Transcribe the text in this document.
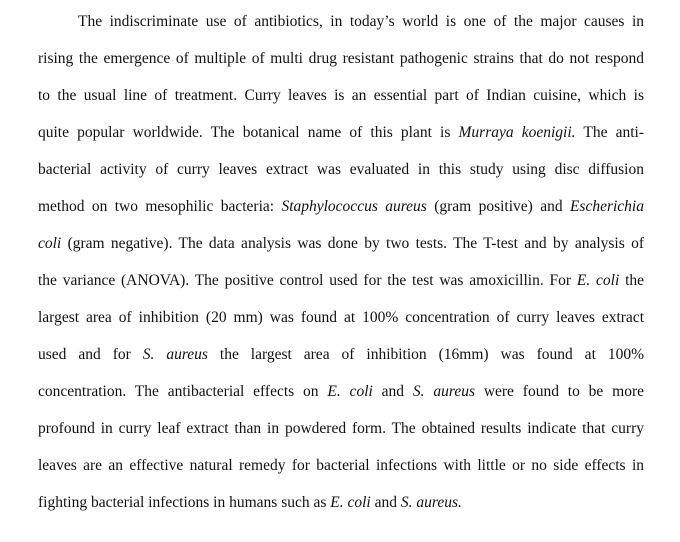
The indiscriminate use of antibiotics, in today’s world is one of the major causes in
rising the emergence of multiple of multi drug resistant pathogenic strains that do not respond
to the usual line of treatment. Curry leaves is an essential part of Indian cuisine, which is
quite popular worldwide. The botanical name of this plant is Murraya koenigii. The anti-
bacterial activity of curry leaves extract was evaluated in this study using disc diffusion
method on two mesophilic bacteria: Staphylococcus aureus (gram positive) and Escherichia
coli (gram negative). The data analysis was done by two tests. The T-test and by analysis of
the variance (ANOVA). The positive control used for the test was amoxicillin. For E. coli the
largest area of inhibition (20 mm) was found at 100% concentration of curry leaves extract
used and for S. aureus the largest area of inhibition (16mm) was found at 100%
concentration. The antibacterial effects on E. coli and S. aureus were found to be more
profound in curry leaf extract than in powdered form. The obtained results indicate that curry
leaves are an effective natural remedy for bacterial infections with little or no side effects in
fighting bacterial infections in humans such as E. coli and S. aureus.
